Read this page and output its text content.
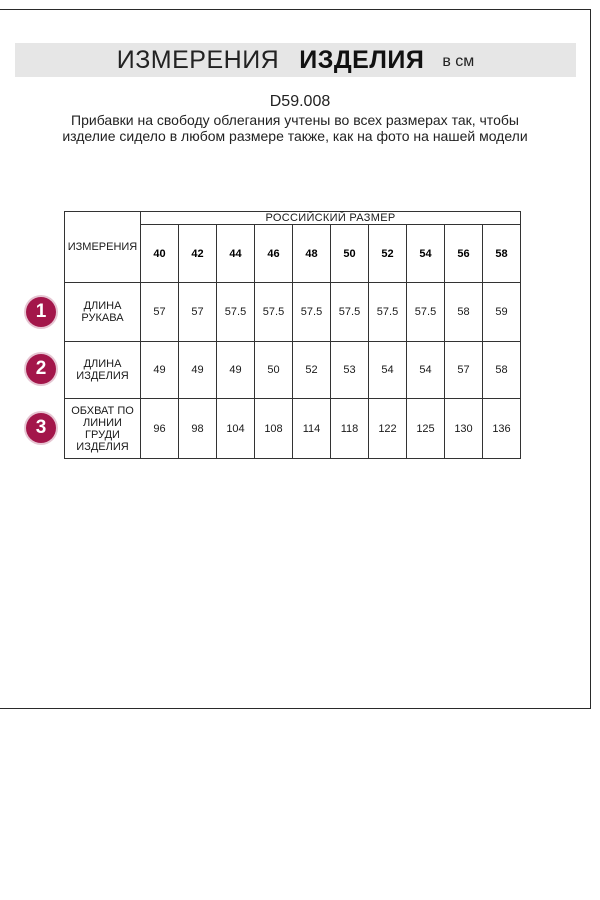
ИЗМЕРЕНИЯ ИЗДЕЛИЯ в см
D59.008
Прибавки на свободу облегания учтены во всех размерах так, чтобы изделие сидело в любом размере также, как на фото на нашей модели
ИЗМЕРЕНИЯ	РОССИЙСКИЙ РАЗМЕР									
	40	42	44	46	48	50	52	54	56	58

ДЛИНА
РУКАВА	57	57	57.5	57.5	57.5	57.5	57.5	57.5	58	59

ДЛИНА
ИЗДЕЛИЯ	49	49	49	50	52	53	54	54	57	58

ОБХВАТ ПО
ЛИНИИ
ГРУДИ
ИЗДЕЛИЯ	96	98	104	108	114	118	122	125	130	136
1
2
3
